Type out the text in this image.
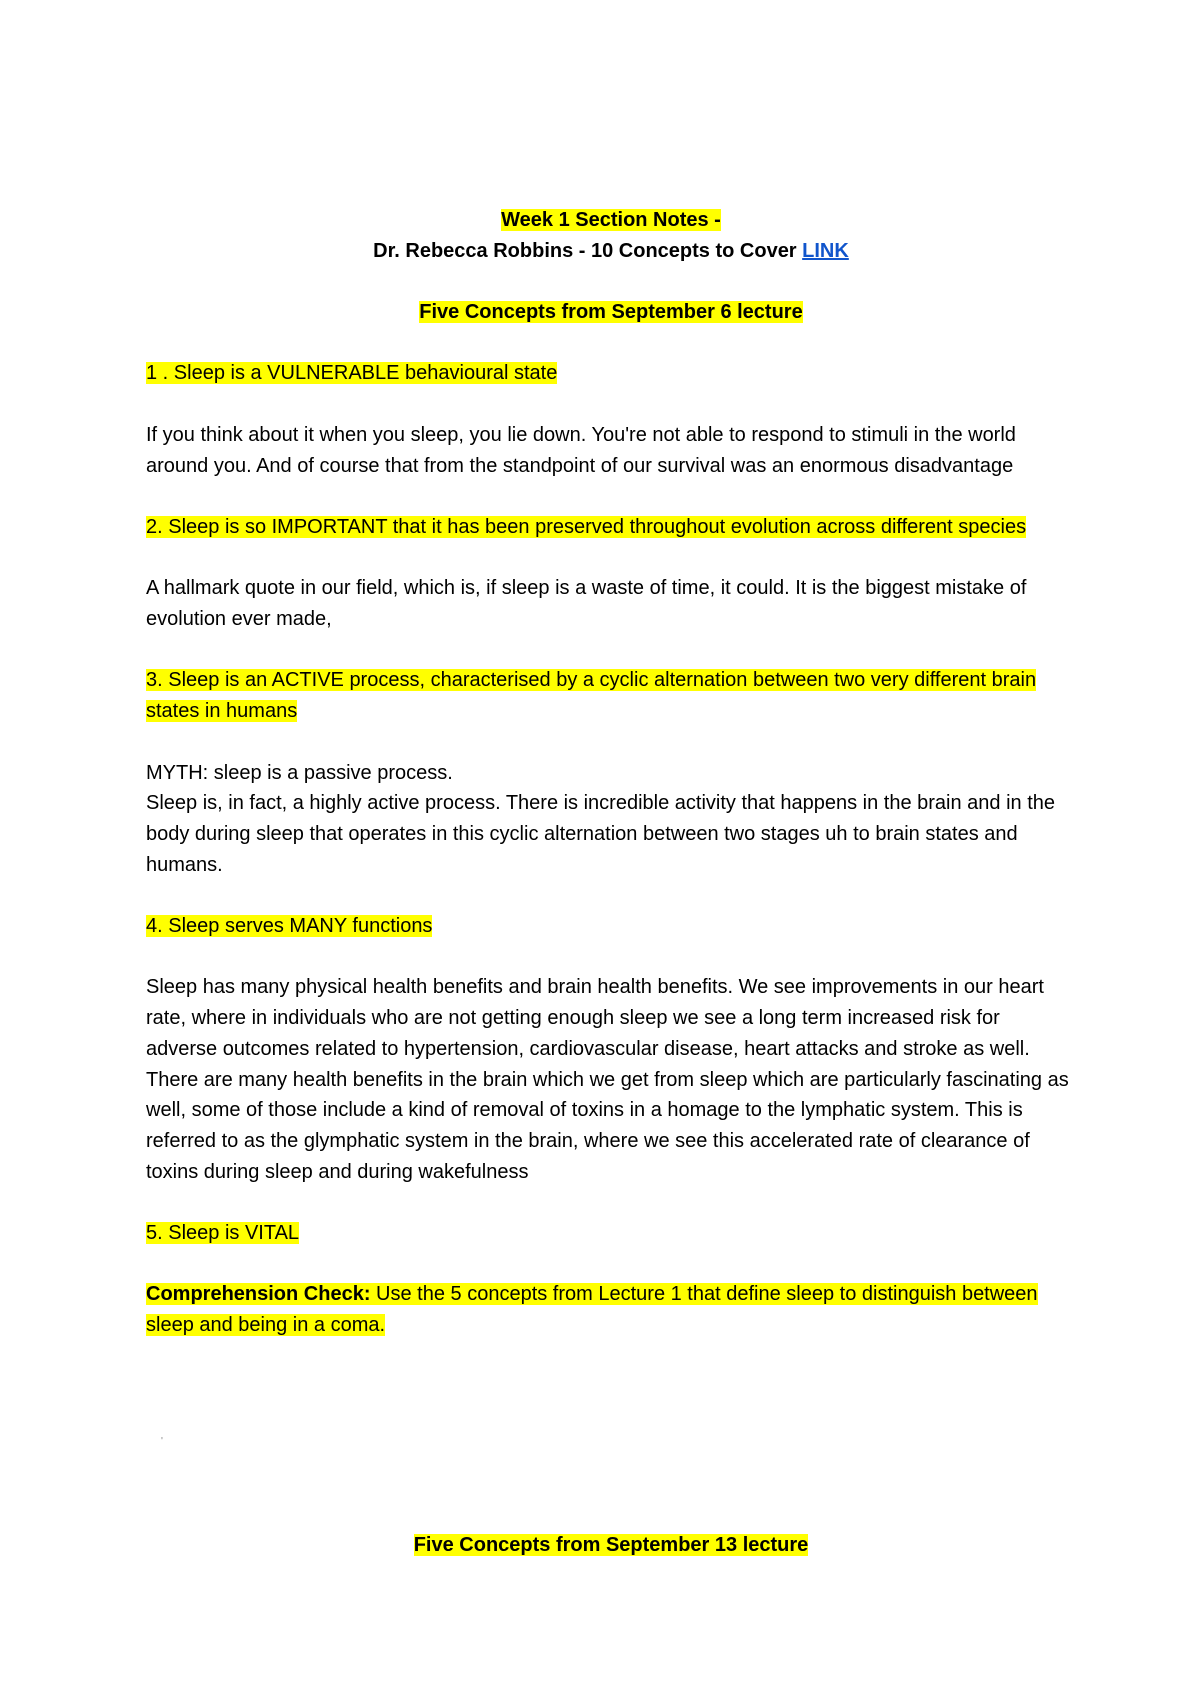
Week 1 Section Notes -

Dr. Rebecca Robbins - 10 Concepts to Cover LINK

Five Concepts from September 6 lecture

1 . Sleep is a VULNERABLE behavioural state

If you think about it when you sleep, you lie down. You're not able to respond to stimuli in the world around you. And of course that from the standpoint of our survival was an enormous disadvantage

2. Sleep is so IMPORTANT that it has been preserved throughout evolution across different species

A hallmark quote in our field, which is, if sleep is a waste of time, it could. It is the biggest mistake of evolution ever made,

3. Sleep is an ACTIVE process, characterised by a cyclic alternation between two very different brain states in humans

MYTH: sleep is a passive process.

Sleep is, in fact, a highly active process. There is incredible activity that happens in the brain and in the body during sleep that operates in this cyclic alternation between two stages uh to brain states and humans.

4. Sleep serves MANY functions

Sleep has many physical health benefits and brain health benefits. We see improvements in our heart rate, where in individuals who are not getting enough sleep we see a long term increased risk for adverse outcomes related to hypertension, cardiovascular disease, heart attacks and stroke as well. There are many health benefits in the brain which we get from sleep which are particularly fascinating as well, some of those include a kind of removal of toxins in a homage to the lymphatic system. This is referred to as the glymphatic system in the brain, where we see this accelerated rate of clearance of toxins during sleep and during wakefulness

5. Sleep is VITAL

Comprehension Check: Use the 5 concepts from Lecture 1 that define sleep to distinguish between sleep and being in a coma.

'

Five Concepts from September 13 lecture
